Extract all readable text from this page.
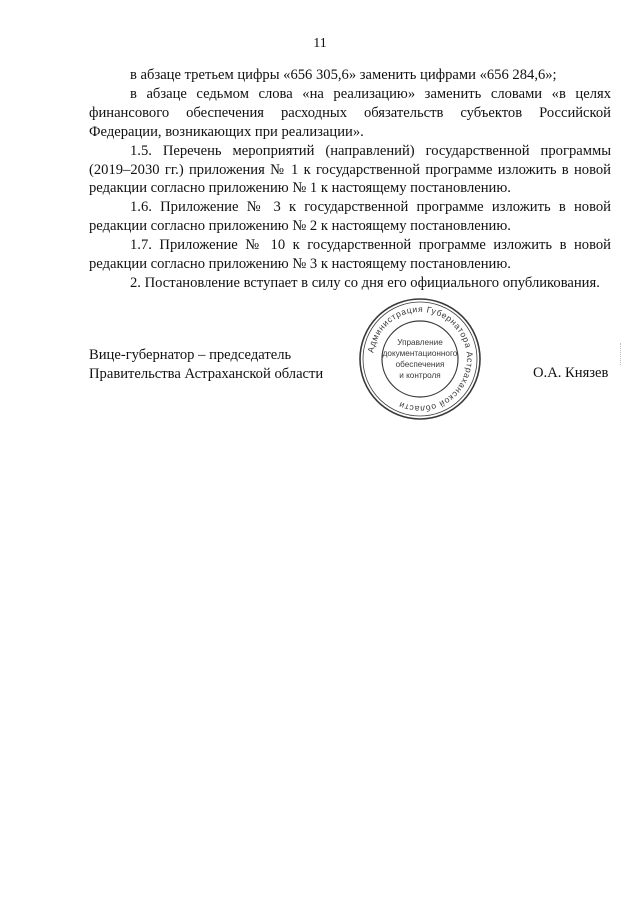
11

в абзаце третьем цифры «656 305,6» заменить цифрами «656 284,6»;

в абзаце седьмом слова «на реализацию» заменить словами «в целях финансового обеспечения расходных обязательств субъектов Российской Федерации, возникающих при реализации».

1.5. Перечень мероприятий (направлений) государственной программы (2019–2030 гг.) приложения № 1 к государственной программе изложить в новой редакции согласно приложению № 1 к настоящему постановлению.

1.6. Приложение № 3 к государственной программе изложить в новой редакции согласно приложению № 2 к настоящему постановлению.

1.7. Приложение № 10 к государственной программе изложить в новой редакции согласно приложению № 3 к настоящему постановлению.

2. Постановление вступает в силу со дня его официального опубликования.

Вице-губернатор – председатель
Правительства Астраханской области
Администрация Губернатора Астраханской области
Управление
документационного
обеспечения
и контроля	О.А. Князев
